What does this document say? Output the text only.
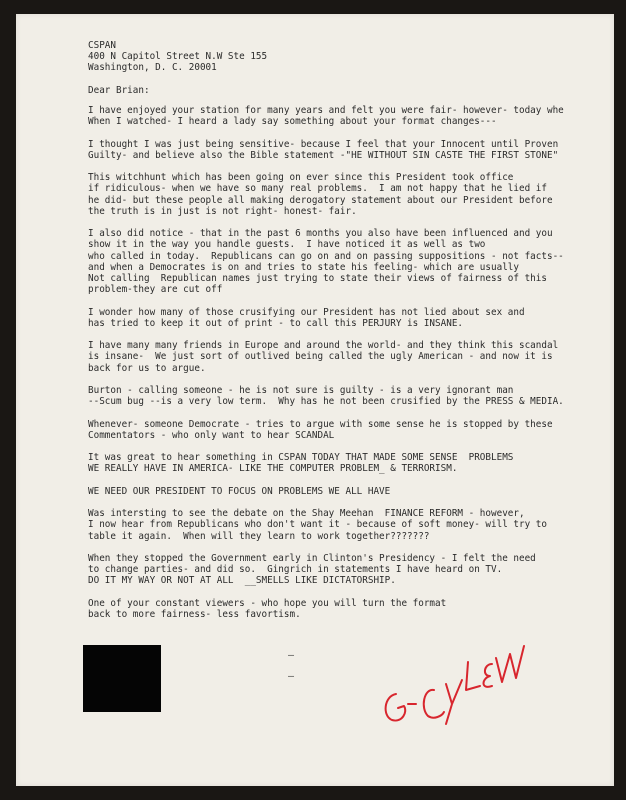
CSPAN
400 N Capitol Street N.W Ste 155
Washington, D. C. 20001
Dear Brian:
I have enjoyed your station for many years and felt you were fair- however- today whe
When I watched- I heard a lady say something about your format changes---
I thought I was just being sensitive- because I feel that your Innocent until Proven
Guilty- and believe also the Bible statement -"HE WITHOUT SIN CASTE THE FIRST STONE"
This witchhunt which has been going on ever since this President took office
if ridiculous- when we have so many real problems.  I am not happy that he lied if
he did- but these people all making derogatory statement about our President before
the truth is in just is not right- honest- fair.
I also did notice - that in the past 6 months you also have been influenced and you
show it in the way you handle guests.  I have noticed it as well as two
who called in today.  Republicans can go on and on passing suppositions - not facts--
and when a Democrates is on and tries to state his feeling- which are usually
Not calling  Republican names just trying to state their views of fairness of this
problem-they are cut off
I wonder how many of those crusifying our President has not lied about sex and
has tried to keep it out of print - to call this PERJURY is INSANE.
I have many many friends in Europe and around the world- and they think this scandal
is insane-  We just sort of outlived being called the ugly American - and now it is
back for us to argue.
Burton - calling someone - he is not sure is guilty - is a very ignorant man
--Scum bug --is a very low term.  Why has he not been crusified by the PRESS & MEDIA.
Whenever- someone Democrate - tries to argue with some sense he is stopped by these
Commentators - who only want to hear SCANDAL
It was great to hear something in CSPAN TODAY THAT MADE SOME SENSE  PROBLEMS
WE REALLY HAVE IN AMERICA- LIKE THE COMPUTER PROBLEM_ & TERRORISM.
WE NEED OUR PRESIDENT TO FOCUS ON PROBLEMS WE ALL HAVE
Was intersting to see the debate on the Shay Meehan  FINANCE REFORM - however,
I now hear from Republicans who don't want it - because of soft money- will try to
table it again.  When will they learn to work together???????
When they stopped the Government early in Clinton's Presidency - I felt the need
to change parties- and did so.  Gingrich in statements I have heard on TV.
DO IT MY WAY OR NOT AT ALL  __SMELLS LIKE DICTATORSHIP.
One of your constant viewers - who hope you will turn the format
back to more fairness- less favortism.

—
—
